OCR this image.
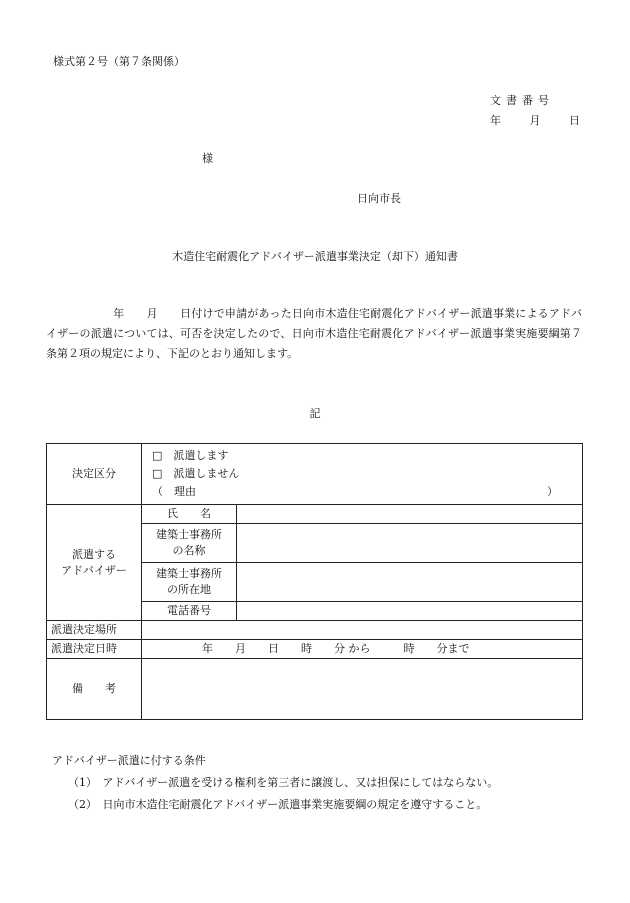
様式第２号（第７条関係）
文書番号
年	月	日
様
日向市長
木造住宅耐震化アドバイザー派遣事業決定（却下）通知書
　　　　　　年　　月　　日付けで申請があった日向市木造住宅耐震化アドバイザー派遣事業によるアドバイザーの派遣については、可否を決定したので、日向市木造住宅耐震化アドバイザー派遣事業実施要綱第７条第２項の規定により、下記のとおり通知します。
記
決定区分	□　派遣します
□　派遣しません
（　理由 ）	

派遣する
アドバイザー	氏　　名	

	建築士事務所
の名称	

	建築士事務所
の所在地	

	電話番号	
派遣決定場所		
派遣決定日時	年　　月　　日　　時　　分 から　　　時　　分まで	
備　　考		
アドバイザー派遣に付する条件
（1）　アドバイザー派遣を受ける権利を第三者に譲渡し、又は担保にしてはならない。
（2）　日向市木造住宅耐震化アドバイザー派遣事業実施要綱の規定を遵守すること。
